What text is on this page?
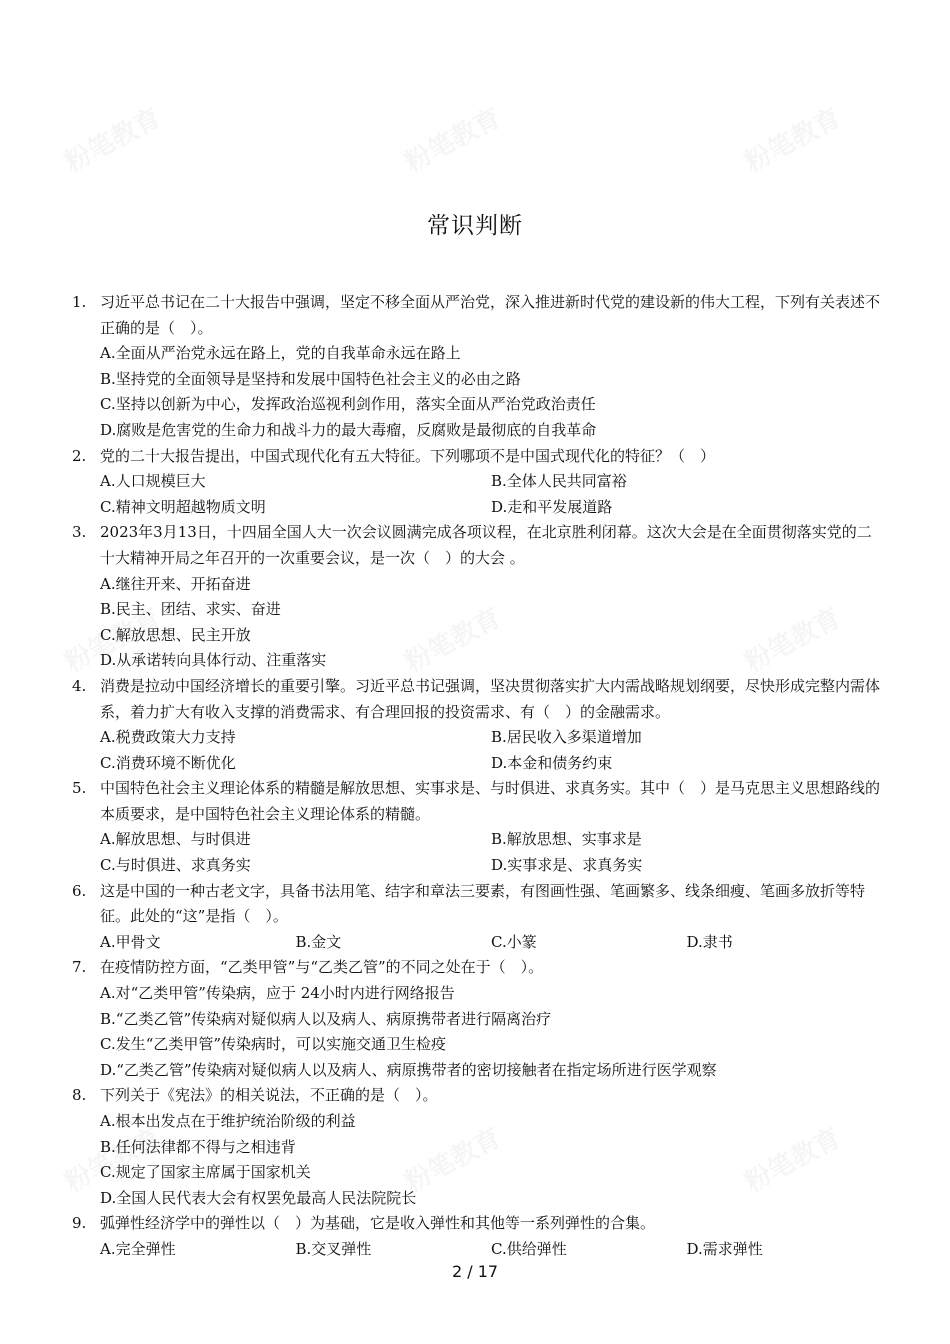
常识判断
1. 习近平总书记在二十大报告中强调，坚定不移全面从严治党，深入推进新时代党的建设新的伟大工程，下列有关表述不正确的是（　）。
A.全面从严治党永远在路上，党的自我革命永远在路上
B.坚持党的全面领导是坚持和发展中国特色社会主义的必由之路
C.坚持以创新为中心，发挥政治巡视利剑作用，落实全面从严治党政治责任
D.腐败是危害党的生命力和战斗力的最大毒瘤，反腐败是最彻底的自我革命
2. 党的二十大报告提出，中国式现代化有五大特征。下列哪项不是中国式现代化的特征？（　）
A.人口规模巨大	B.全体人民共同富裕
C.精神文明超越物质文明	D.走和平发展道路
3. 2023年3月13日，十四届全国人大一次会议圆满完成各项议程，在北京胜利闭幕。这次大会是在全面贯彻落实党的二十大精神开局之年召开的一次重要会议，是一次（　）的大会 。
A.继往开来、开拓奋进
B.民主、团结、求实、奋进
C.解放思想、民主开放
D.从承诺转向具体行动、注重落实
4. 消费是拉动中国经济增长的重要引擎。习近平总书记强调，坚决贯彻落实扩大内需战略规划纲要，尽快形成完整内需体系，着力扩大有收入支撑的消费需求、有合理回报的投资需求、有（　）的金融需求。
A.税费政策大力支持	B.居民收入多渠道增加
C.消费环境不断优化	D.本金和债务约束
5. 中国特色社会主义理论体系的精髓是解放思想、实事求是、与时俱进、求真务实。其中（　）是马克思主义思想路线的本质要求，是中国特色社会主义理论体系的精髓。
A.解放思想、与时俱进	B.解放思想、实事求是
C.与时俱进、求真务实	D.实事求是、求真务实
6. 这是中国的一种古老文字，具备书法用笔、结字和章法三要素，有图画性强、笔画繁多、线条细瘦、笔画多放折等特征。此处的“这”是指（　）。
A.甲骨文	B.金文	C.小篆	D.隶书
7. 在疫情防控方面，“乙类甲管”与“乙类乙管”的不同之处在于（　）。
A.对“乙类甲管”传染病，应于 24小时内进行网络报告
B.“乙类乙管”传染病对疑似病人以及病人、病原携带者进行隔离治疗
C.发生“乙类甲管”传染病时，可以实施交通卫生检疫
D.“乙类乙管”传染病对疑似病人以及病人、病原携带者的密切接触者在指定场所进行医学观察
8. 下列关于《宪法》的相关说法，不正确的是（　）。
A.根本出发点在于维护统治阶级的利益
B.任何法律都不得与之相违背
C.规定了国家主席属于国家机关
D.全国人民代表大会有权罢免最高人民法院院长
9. 弧弹性经济学中的弹性以（　）为基础，它是收入弹性和其他等一系列弹性的合集。
A.完全弹性	B.交叉弹性	C.供给弹性	D.需求弹性
2 / 17
